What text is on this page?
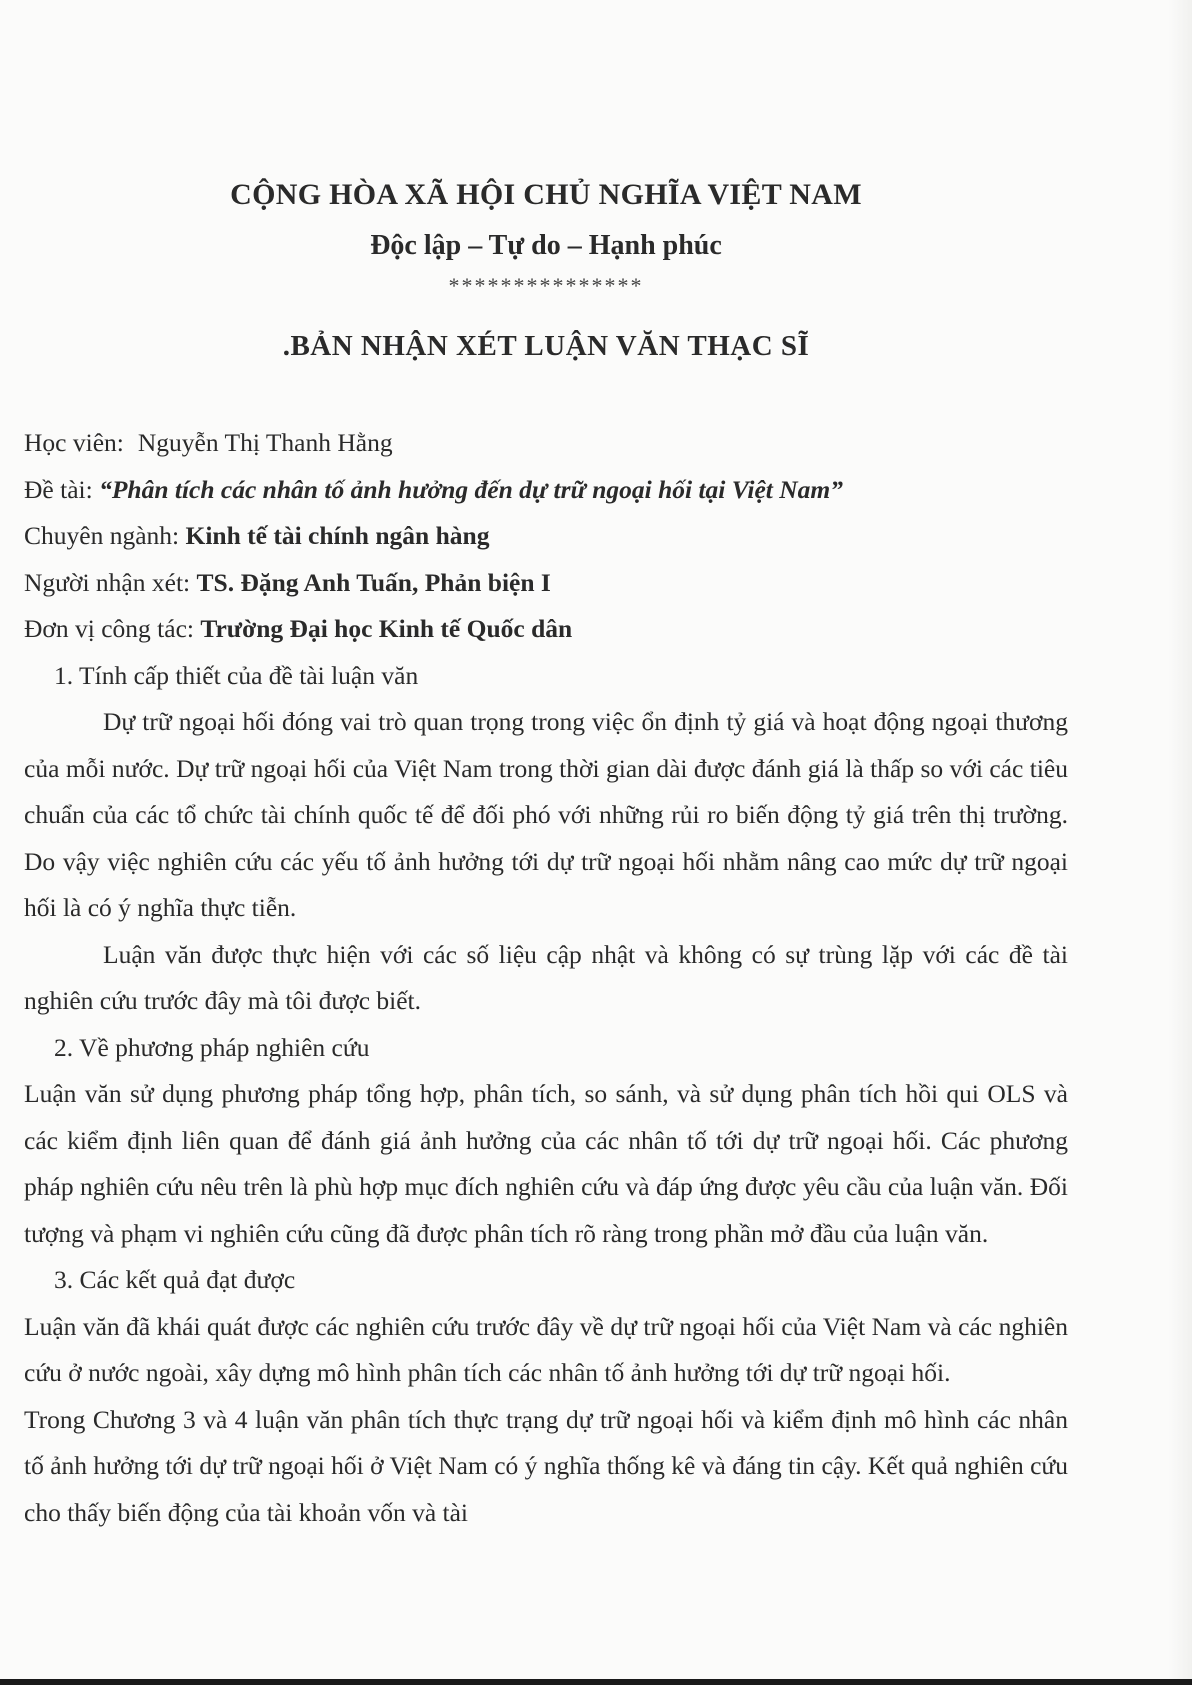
CỘNG HÒA XÃ HỘI CHỦ NGHĨA VIỆT NAM
Độc lập – Tự do – Hạnh phúc
***************
.BẢN NHẬN XÉT LUẬN VĂN THẠC SĨ

Học viên: Nguyễn Thị Thanh Hằng

Đề tài: “Phân tích các nhân tố ảnh hưởng đến dự trữ ngoại hối tại Việt Nam”

Chuyên ngành: Kinh tế tài chính ngân hàng

Người nhận xét: TS. Đặng Anh Tuấn, Phản biện I

Đơn vị công tác: Trường Đại học Kinh tế Quốc dân

1. Tính cấp thiết của đề tài luận văn

Dự trữ ngoại hối đóng vai trò quan trọng trong việc ổn định tỷ giá và hoạt động ngoại thương của mỗi nước. Dự trữ ngoại hối của Việt Nam trong thời gian dài được đánh giá là thấp so với các tiêu chuẩn của các tổ chức tài chính quốc tế để đối phó với những rủi ro biến động tỷ giá trên thị trường. Do vậy việc nghiên cứu các yếu tố ảnh hưởng tới dự trữ ngoại hối nhằm nâng cao mức dự trữ ngoại hối là có ý nghĩa thực tiễn.

Luận văn được thực hiện với các số liệu cập nhật và không có sự trùng lặp với các đề tài nghiên cứu trước đây mà tôi được biết.

2. Về phương pháp nghiên cứu

Luận văn sử dụng phương pháp tổng hợp, phân tích, so sánh, và sử dụng phân tích hồi qui OLS và các kiểm định liên quan để đánh giá ảnh hưởng của các nhân tố tới dự trữ ngoại hối. Các phương pháp nghiên cứu nêu trên là phù hợp mục đích nghiên cứu và đáp ứng được yêu cầu của luận văn. Đối tượng và phạm vi nghiên cứu cũng đã được phân tích rõ ràng trong phần mở đầu của luận văn.

3. Các kết quả đạt được

Luận văn đã khái quát được các nghiên cứu trước đây về dự trữ ngoại hối của Việt Nam và các nghiên cứu ở nước ngoài, xây dựng mô hình phân tích các nhân tố ảnh hưởng tới dự trữ ngoại hối.

Trong Chương 3 và 4 luận văn phân tích thực trạng dự trữ ngoại hối và kiểm định mô hình các nhân tố ảnh hưởng tới dự trữ ngoại hối ở Việt Nam có ý nghĩa thống kê và đáng tin cậy. Kết quả nghiên cứu cho thấy biến động của tài khoản vốn và tài
